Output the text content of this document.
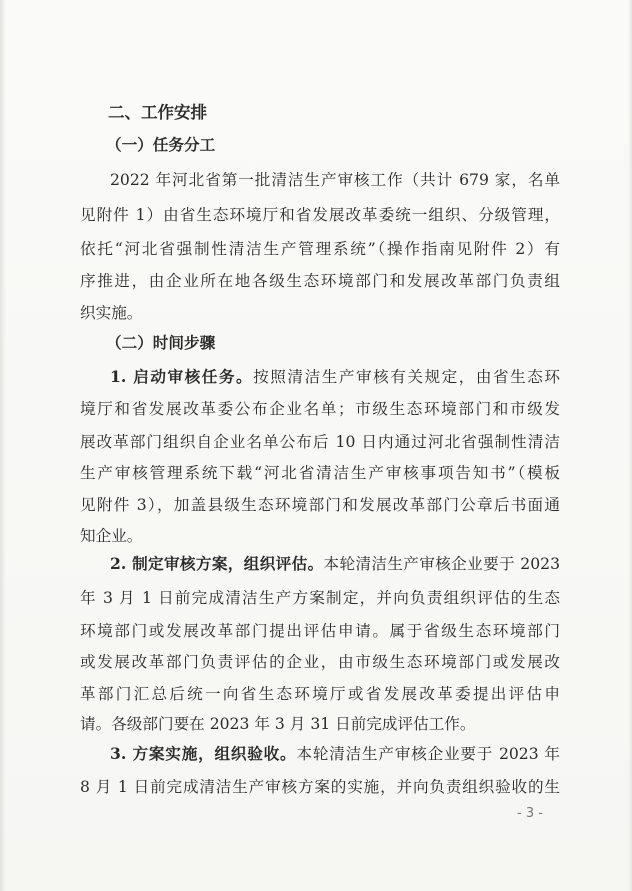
二、工作安排
（一）任务分工
2022 年河北省第一批清洁生产审核工作（共计 679 家，名单
见附件 1）由省生态环境厅和省发展改革委统一组织、分级管理，
依托“河北省强制性清洁生产管理系统”（操作指南见附件 2）有
序推进，由企业所在地各级生态环境部门和发展改革部门负责组
织实施。
（二）时间步骤
1. 启动审核任务。按照清洁生产审核有关规定，由省生态环
境厅和省发展改革委公布企业名单；市级生态环境部门和市级发
展改革部门组织自企业名单公布后 10 日内通过河北省强制性清洁
生产审核管理系统下载“河北省清洁生产审核事项告知书”（模板
见附件 3），加盖县级生态环境部门和发展改革部门公章后书面通
知企业。
2. 制定审核方案，组织评估。本轮清洁生产审核企业要于 2023
年 3 月 1 日前完成清洁生产方案制定，并向负责组织评估的生态
环境部门或发展改革部门提出评估申请。属于省级生态环境部门
或发展改革部门负责评估的企业，由市级生态环境部门或发展改
革部门汇总后统一向省生态环境厅或省发展改革委提出评估申
请。各级部门要在 2023 年 3 月 31 日前完成评估工作。
3. 方案实施，组织验收。本轮清洁生产审核企业要于 2023 年
8 月 1 日前完成清洁生产审核方案的实施，并向负责组织验收的生
- 3 -
